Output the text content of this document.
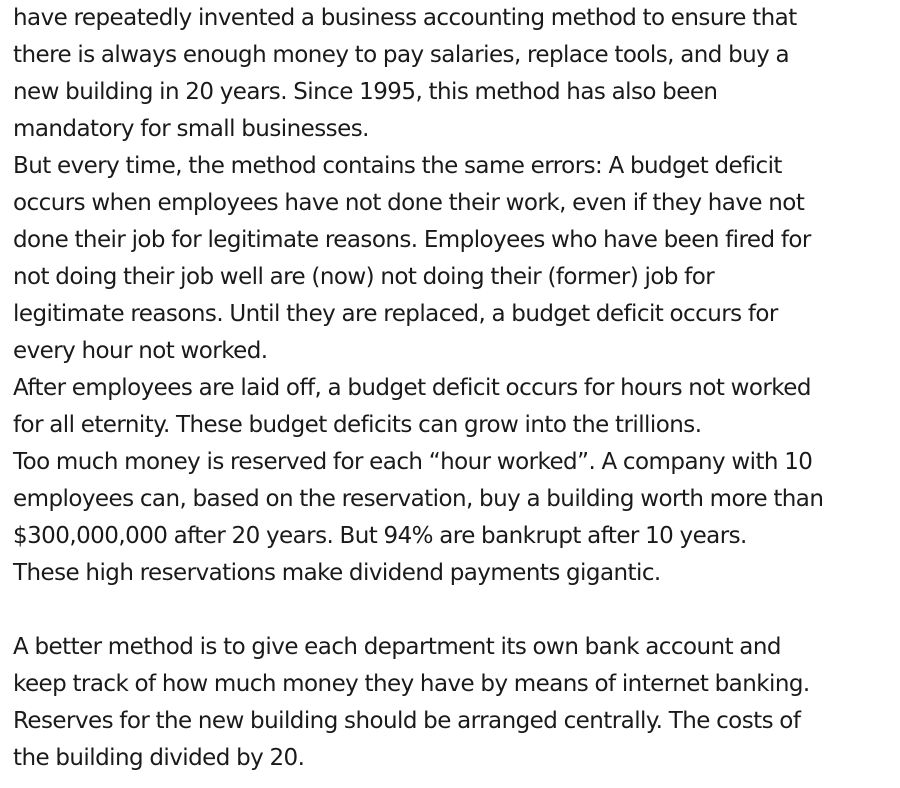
have repeatedly invented a business accounting method to ensure that
there is always enough money to pay salaries, replace tools, and buy a
new building in 20 years. Since 1995, this method has also been
mandatory for small businesses.
But every time, the method contains the same errors: A budget deficit
occurs when employees have not done their work, even if they have not
done their job for legitimate reasons. Employees who have been fired for
not doing their job well are (now) not doing their (former) job for
legitimate reasons. Until they are replaced, a budget deficit occurs for
every hour not worked.
After employees are laid off, a budget deficit occurs for hours not worked
for all eternity. These budget deficits can grow into the trillions.
Too much money is reserved for each “hour worked”. A company with 10
employees can, based on the reservation, buy a building worth more than
$300,000,000 after 20 years. But 94% are bankrupt after 10 years.
These high reservations make dividend payments gigantic.
A better method is to give each department its own bank account and
keep track of how much money they have by means of internet banking.
Reserves for the new building should be arranged centrally. The costs of
the building divided by 20.
